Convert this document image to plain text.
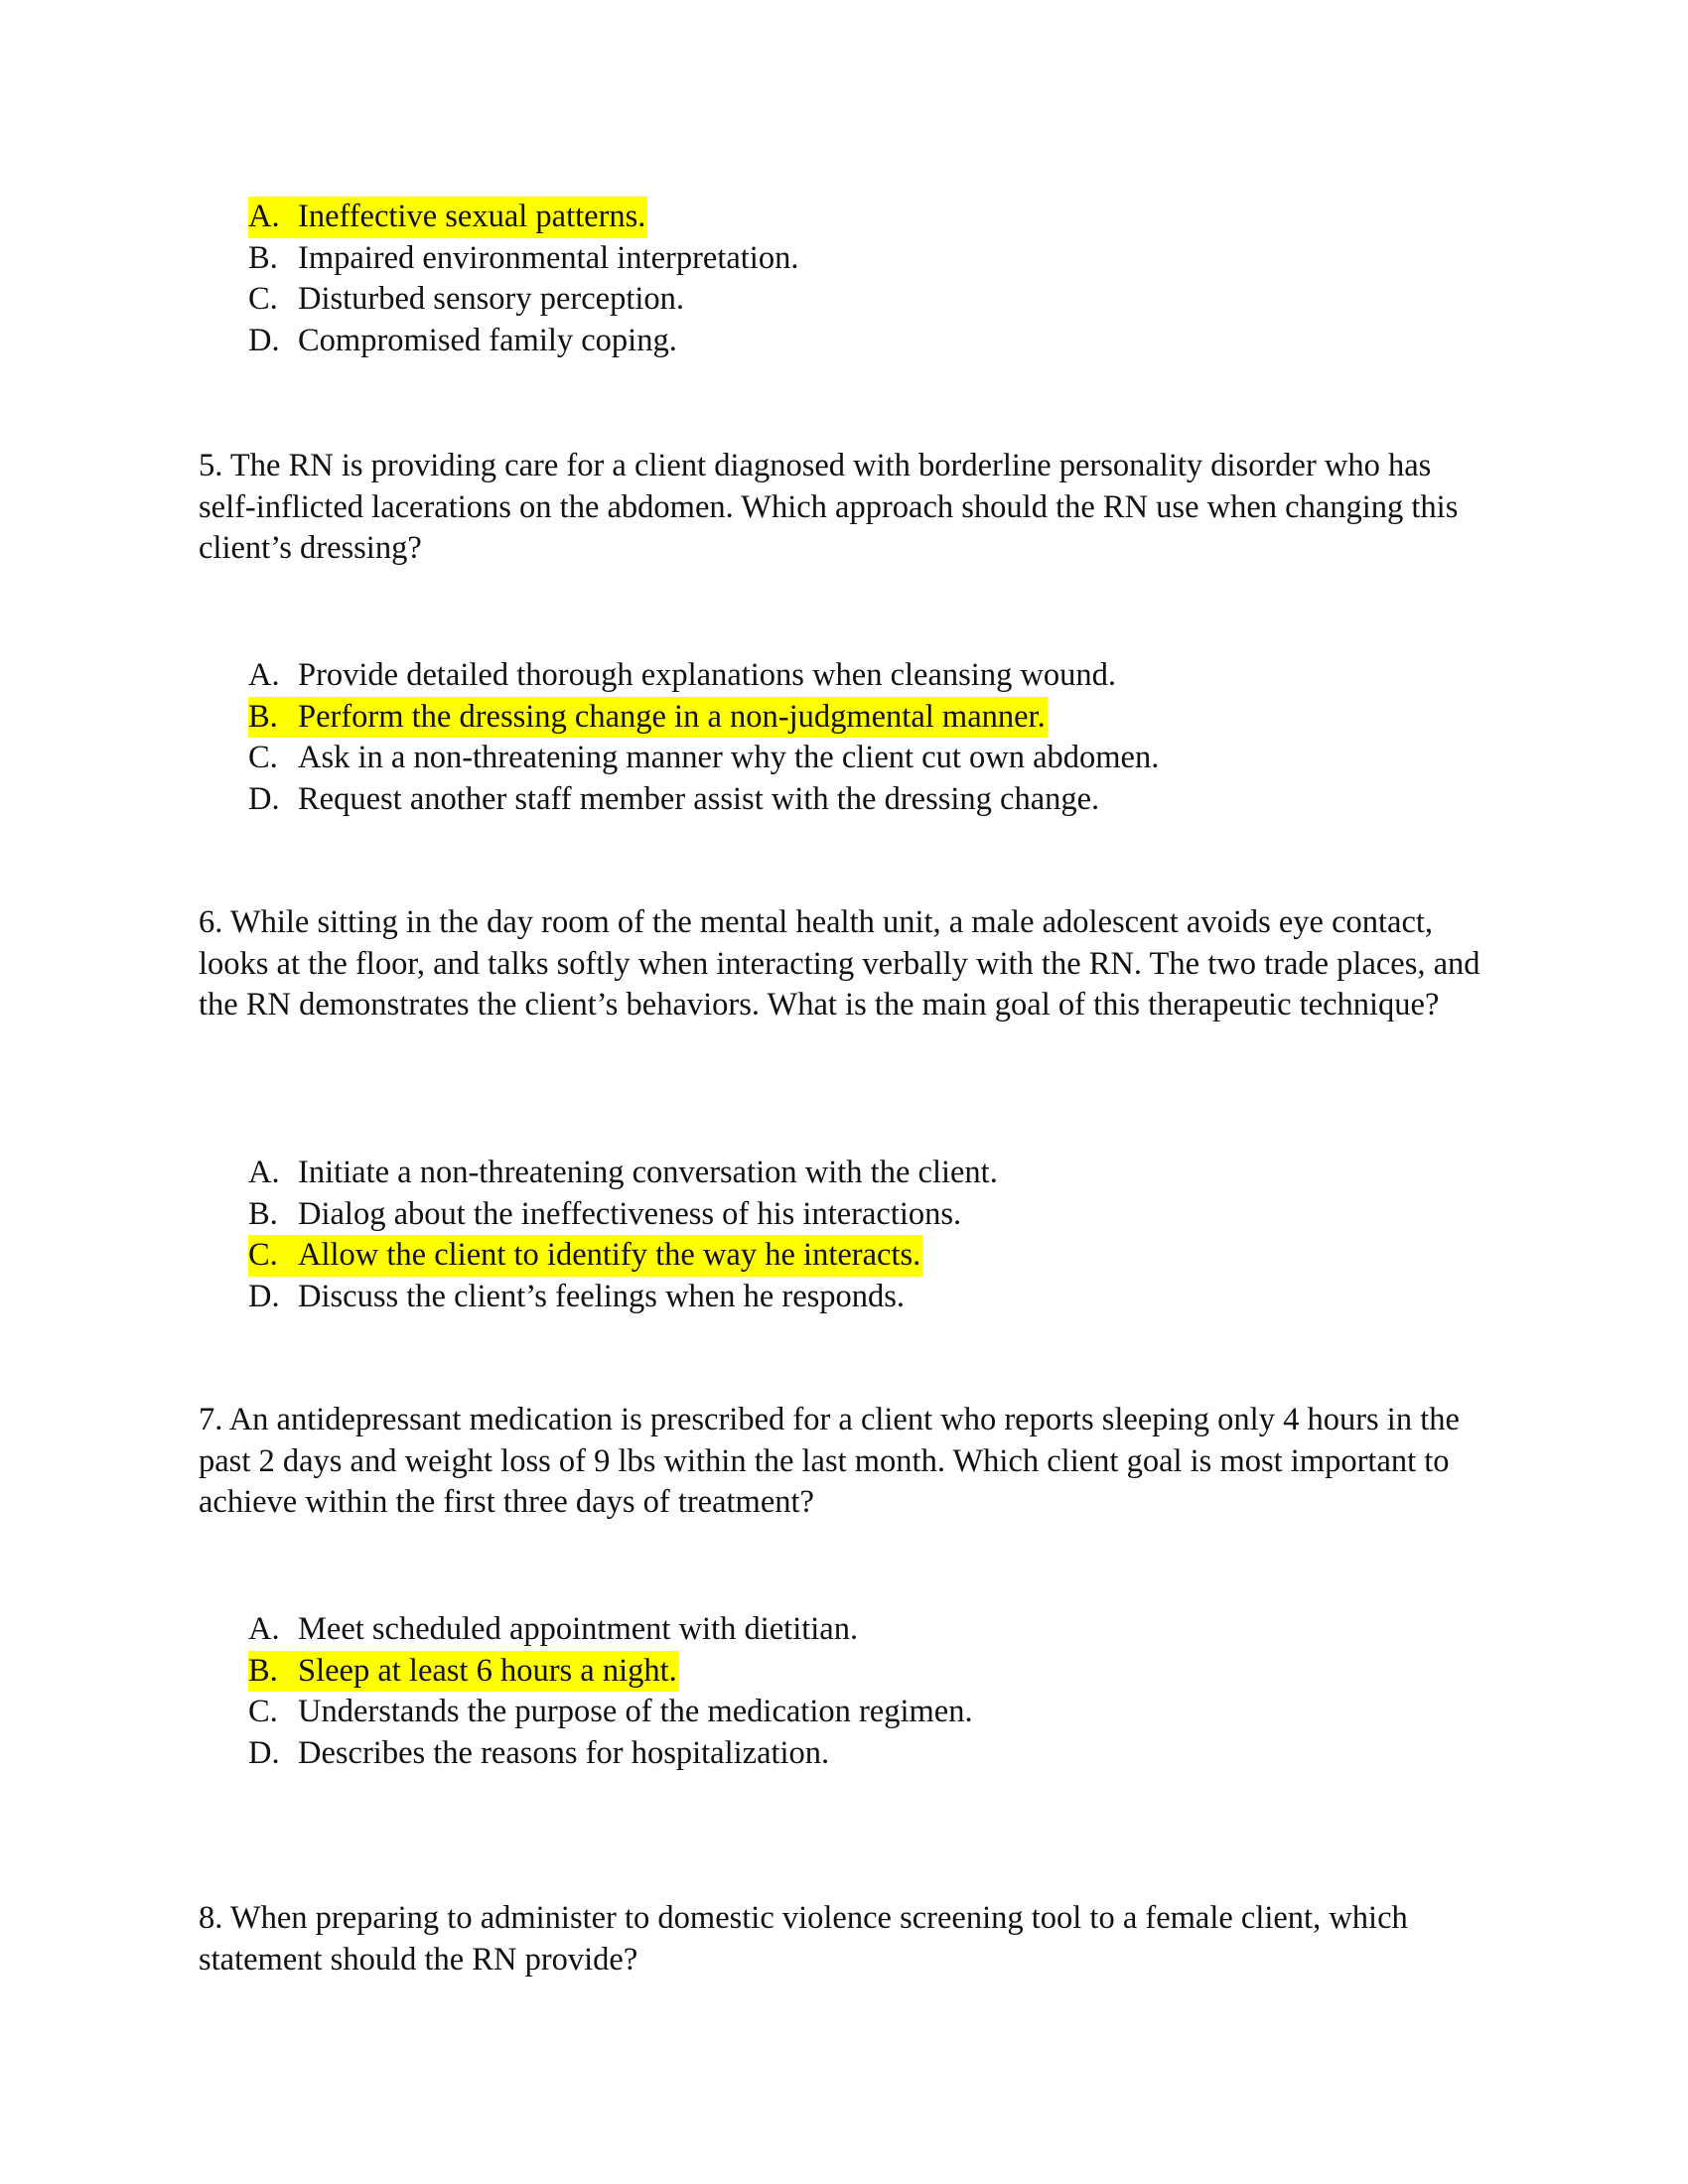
A. Ineffective sexual patterns.
B. Impaired environmental interpretation.
C. Disturbed sensory perception.
D. Compromised family coping.

5. The RN is providing care for a client diagnosed with borderline personality disorder who has self-inflicted lacerations on the abdomen. Which approach should the RN use when changing this client’s dressing?

A. Provide detailed thorough explanations when cleansing wound.
B. Perform the dressing change in a non-judgmental manner.
C. Ask in a non-threatening manner why the client cut own abdomen.
D. Request another staff member assist with the dressing change.

6. While sitting in the day room of the mental health unit, a male adolescent avoids eye contact, looks at the floor, and talks softly when interacting verbally with the RN. The two trade places, and the RN demonstrates the client’s behaviors. What is the main goal of this therapeutic technique?

A. Initiate a non-threatening conversation with the client.
B. Dialog about the ineffectiveness of his interactions.
C. Allow the client to identify the way he interacts.
D. Discuss the client’s feelings when he responds.

7. An antidepressant medication is prescribed for a client who reports sleeping only 4 hours in the past 2 days and weight loss of 9 lbs within the last month. Which client goal is most important to achieve within the first three days of treatment?

A. Meet scheduled appointment with dietitian.
B. Sleep at least 6 hours a night.
C. Understands the purpose of the medication regimen.
D. Describes the reasons for hospitalization.

8. When preparing to administer to domestic violence screening tool to a female client, which statement should the RN provide?
